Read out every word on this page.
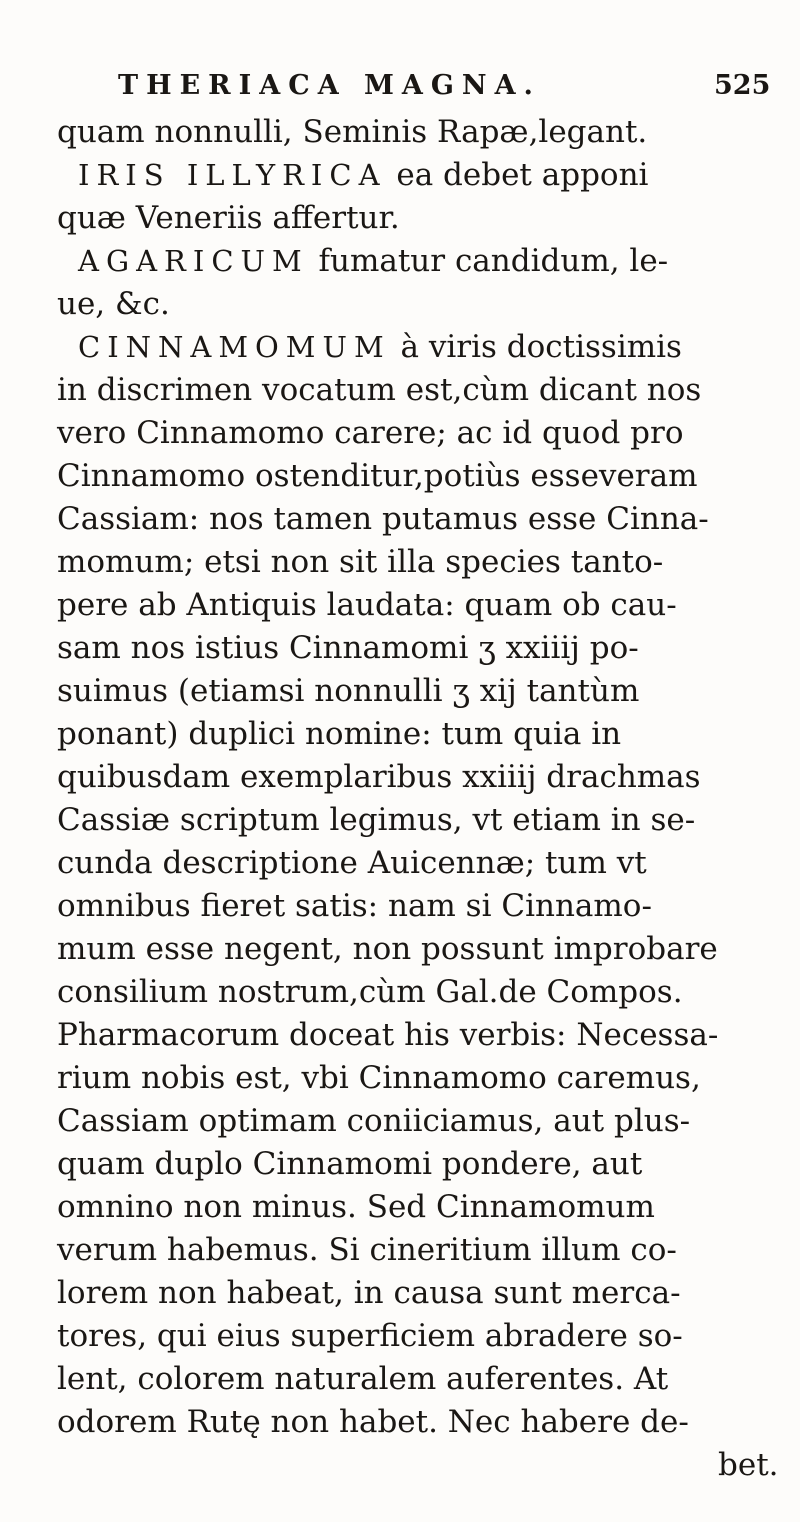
THERIACA MAGNA.	525
quam nonnulli, Seminis Rapæ,legant.
IRIS ILLYRICA ea debet apponi
quæ Veneriis affertur.
AGARICUM fumatur candidum, le-
ue, &c.
CINNAMOMUM à viris doctissimis
in discrimen vocatum est,cùm dicant nos
vero Cinnamomo carere; ac id quod pro
Cinnamomo ostenditur,potiùs esseveram
Cassiam: nos tamen putamus esse Cinna-
momum; etsi non sit illa species tanto-
pere ab Antiquis laudata: quam ob cau-
sam nos istius Cinnamomi ʒ xxiiij po-
suimus (etiamsi nonnulli ʒ xij tantùm
ponant) duplici nomine: tum quia in
quibusdam exemplaribus xxiiij drachmas
Cassiæ scriptum legimus, vt etiam in se-
cunda descriptione Auicennæ; tum vt
omnibus fieret satis: nam si Cinnamo-
mum esse negent, non possunt improbare
consilium nostrum,cùm Gal.de Compos.
Pharmacorum doceat his verbis: Necessa-
rium nobis est, vbi Cinnamomo caremus,
Cassiam optimam coniiciamus, aut plus-
quam duplo Cinnamomi pondere, aut
omnino non minus. Sed Cinnamomum
verum habemus. Si cineritium illum co-
lorem non habeat, in causa sunt merca-
tores, qui eius superficiem abradere so-
lent, colorem naturalem auferentes. At
odorem Rutę non habet. Nec habere de-
bet.
